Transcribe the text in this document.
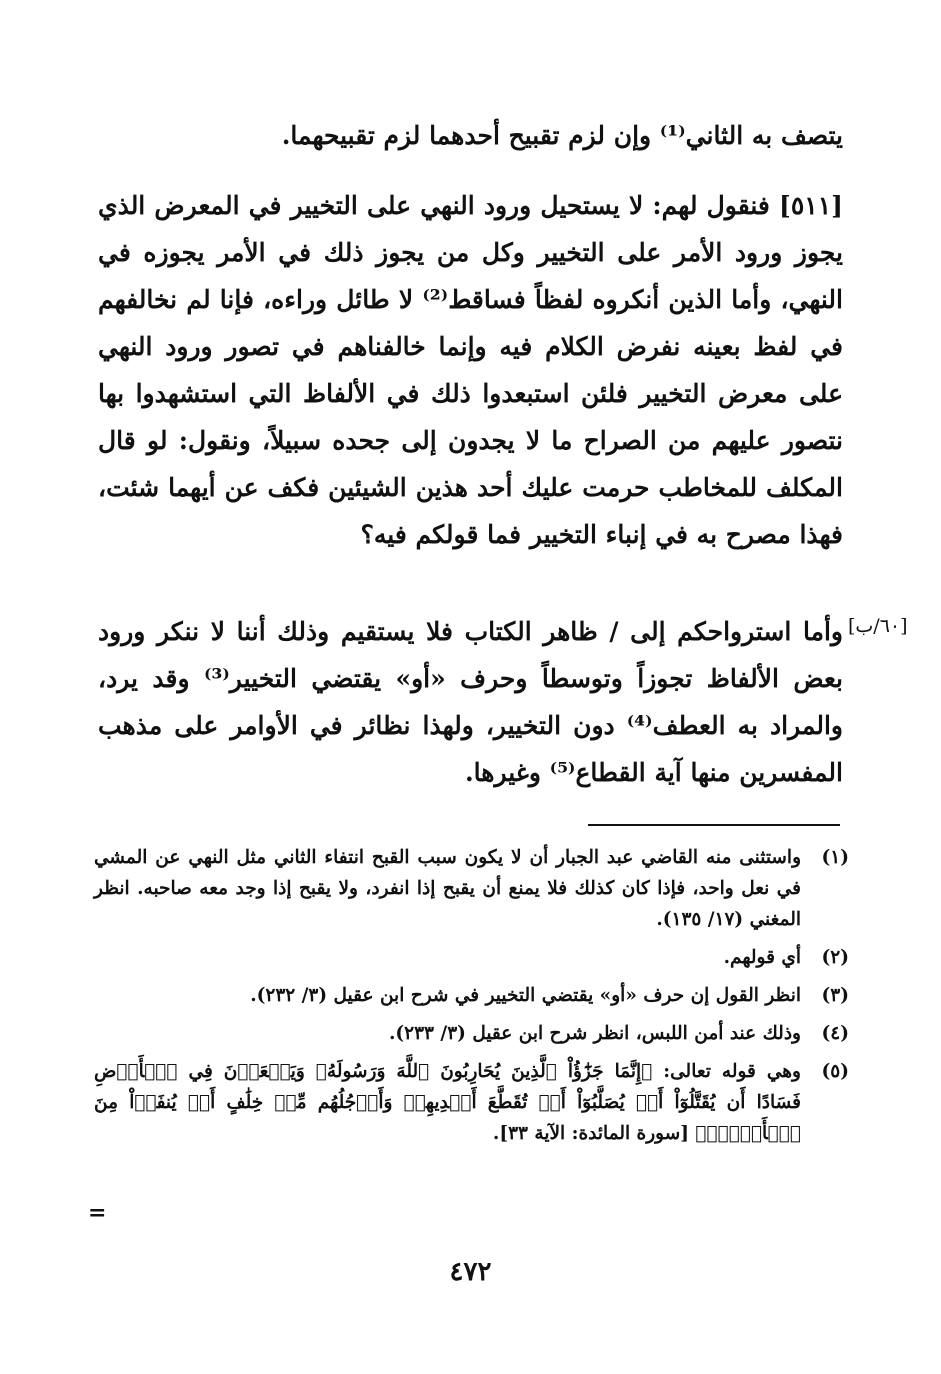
يتصف به الثاني⁽¹⁾ وإن لزم تقبيح أحدهما لزم تقبيحهما.
[٥١١] فنقول لهم: لا يستحيل ورود النهي على التخيير في المعرض الذي يجوز ورود الأمر على التخيير وكل من يجوز ذلك في الأمر يجوزه في النهي، وأما الذين أنكروه لفظاً فساقط⁽²⁾ لا طائل وراءه، فإنا لم نخالفهم في لفظ بعينه نفرض الكلام فيه وإنما خالفناهم في تصور ورود النهي على معرض التخيير فلئن استبعدوا ذلك في الألفاظ التي استشهدوا بها نتصور عليهم من الصراح ما لا يجدون إلى جحده سبيلاً، ونقول: لو قال المكلف للمخاطب حرمت عليك أحد هذين الشيئين فكف عن أيهما شئت، فهذا مصرح به في إنباء التخيير فما قولكم فيه؟
[٦٠/ب]
وأما استرواحكم إلى / ظاهر الكتاب فلا يستقيم وذلك أننا لا ننكر ورود بعض الألفاظ تجوزاً وتوسطاً وحرف «أو» يقتضي التخيير⁽³⁾ وقد يرد، والمراد به العطف⁽⁴⁾ دون التخيير، ولهذا نظائر في الأوامر على مذهب المفسرين منها آية القطاع⁽⁵⁾ وغيرها.
(١)
واستثنى منه القاضي عبد الجبار أن لا يكون سبب القبح انتفاء الثاني مثل النهي عن المشي في نعل واحد، فإذا كان كذلك فلا يمنع أن يقبح إذا انفرد، ولا يقبح إذا وجد معه صاحبه. انظر المغني (١٧/ ١٣٥).
(٢)
أي قولهم.
(٣)
انظر القول إن حرف «أو» يقتضي التخيير في شرح ابن عقيل (٣/ ٢٣٢).
(٤)
وذلك عند أمن اللبس، انظر شرح ابن عقيل (٣/ ٢٣٣).
(٥)
وهي قوله تعالى: ﴿إِنَّمَا جَزَٰٓؤُاْ ٱلَّذِينَ يُحَارِبُونَ ٱللَّهَ وَرَسُولَهُۥ وَيَسۡعَوۡنَ فِي ٱلۡأَرۡضِ فَسَادًا أَن يُقَتَّلُوٓاْ أَوۡ يُصَلَّبُوٓاْ أَوۡ تُقَطَّعَ أَيۡدِيهِمۡ وَأَرۡجُلُهُم مِّنۡ خِلَٰفٍ أَوۡ يُنفَوۡاْ مِنَ ٱلۡأَرۡضِۚ﴾ [سورة المائدة: الآية ٣٣].
=
٤٧٢
